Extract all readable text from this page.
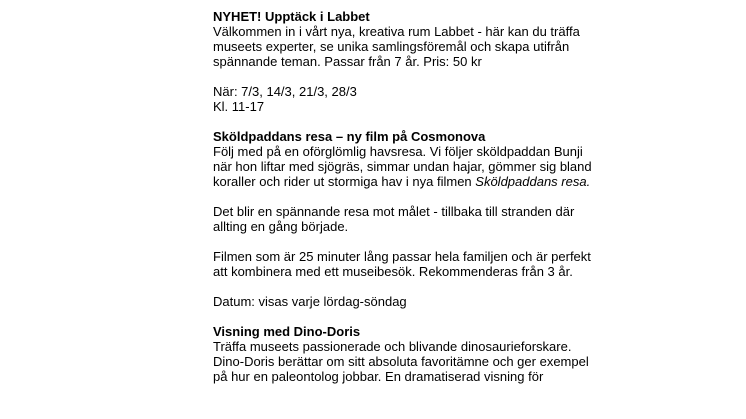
NYHET! Upptäck i Labbet

Välkommen in i vårt nya, kreativa rum Labbet - här kan du träffa
museets experter, se unika samlingsföremål och skapa utifrån
spännande teman. Passar från 7 år. Pris: 50 kr

När: 7/3, 14/3, 21/3, 28/3
Kl. 11-17

Sköldpaddans resa – ny film på Cosmonova

Följ med på en oförglömlig havsresa. Vi följer sköldpaddan Bunji
när hon liftar med sjögräs, simmar undan hajar, gömmer sig bland
koraller och rider ut stormiga hav i nya filmen Sköldpaddans resa.

Det blir en spännande resa mot målet - tillbaka till stranden där
allting en gång började.

Filmen som är 25 minuter lång passar hela familjen och är perfekt
att kombinera med ett museibesök. Rekommenderas från 3 år.

Datum: visas varje lördag-söndag

Visning med Dino-Doris

Träffa museets passionerade och blivande dinosaurieforskare.
Dino-Doris berättar om sitt absoluta favoritämne och ger exempel
på hur en paleontolog jobbar. En dramatiserad visning för
